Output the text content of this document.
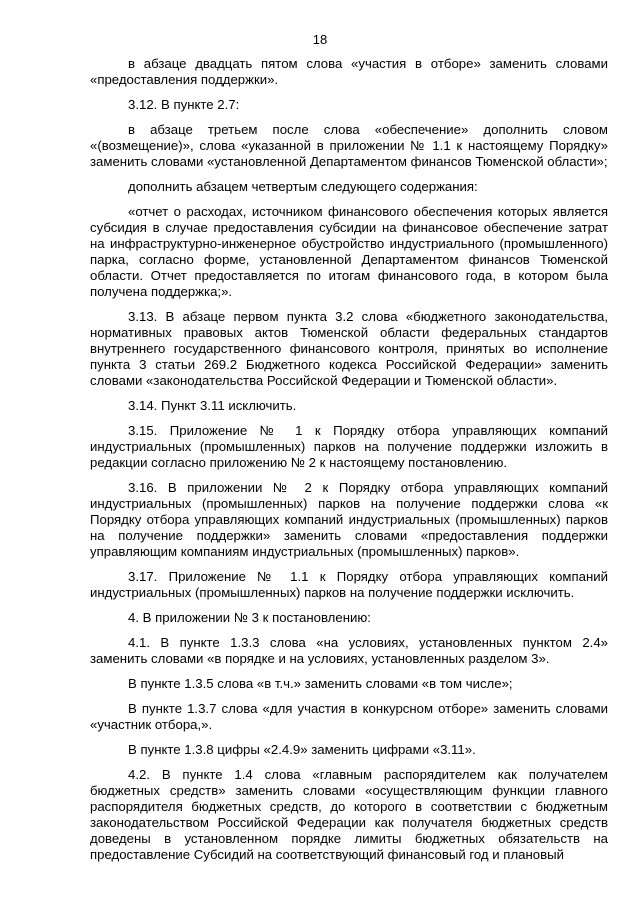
18

в абзаце двадцать пятом слова «участия в отборе» заменить словами «предоставления поддержки».

3.12. В пункте 2.7:

в абзаце третьем после слова «обеспечение» дополнить словом «(возмещение)», слова «указанной в приложении № 1.1 к настоящему Порядку» заменить словами «установленной Департаментом финансов Тюменской области»;

дополнить абзацем четвертым следующего содержания:

«отчет о расходах, источником финансового обеспечения которых является субсидия в случае предоставления субсидии на финансовое обеспечение затрат на инфраструктурно-инженерное обустройство индустриального (промышленного) парка, согласно форме, установленной Департаментом финансов Тюменской области. Отчет предоставляется по итогам финансового года, в котором была получена поддержка;».

3.13. В абзаце первом пункта 3.2 слова «бюджетного законодательства, нормативных правовых актов Тюменской области федеральных стандартов внутреннего государственного финансового контроля, принятых во исполнение пункта 3 статьи 269.2 Бюджетного кодекса Российской Федерации» заменить словами «законодательства Российской Федерации и Тюменской области».

3.14. Пункт 3.11 исключить.

3.15. Приложение № 1 к Порядку отбора управляющих компаний индустриальных (промышленных) парков на получение поддержки изложить в редакции согласно приложению № 2 к настоящему постановлению.

3.16. В приложении № 2 к Порядку отбора управляющих компаний индустриальных (промышленных) парков на получение поддержки слова «к Порядку отбора управляющих компаний индустриальных (промышленных) парков на получение поддержки» заменить словами «предоставления поддержки управляющим компаниям индустриальных (промышленных) парков».

3.17. Приложение № 1.1 к Порядку отбора управляющих компаний индустриальных (промышленных) парков на получение поддержки исключить.

4. В приложении № 3 к постановлению:

4.1. В пункте 1.3.3 слова «на условиях, установленных пунктом 2.4» заменить словами «в порядке и на условиях, установленных разделом 3».

В пункте 1.3.5 слова «в т.ч.» заменить словами «в том числе»;

В пункте 1.3.7 слова «для участия в конкурсном отборе» заменить словами «участник отбора,».

В пункте 1.3.8 цифры «2.4.9» заменить цифрами «3.11».

4.2. В пункте 1.4 слова «главным распорядителем как получателем бюджетных средств» заменить словами «осуществляющим функции главного распорядителя бюджетных средств, до которого в соответствии с бюджетным законодательством Российской Федерации как получателя бюджетных средств доведены в установленном порядке лимиты бюджетных обязательств на предоставление Субсидий на соответствующий финансовый год и плановый
